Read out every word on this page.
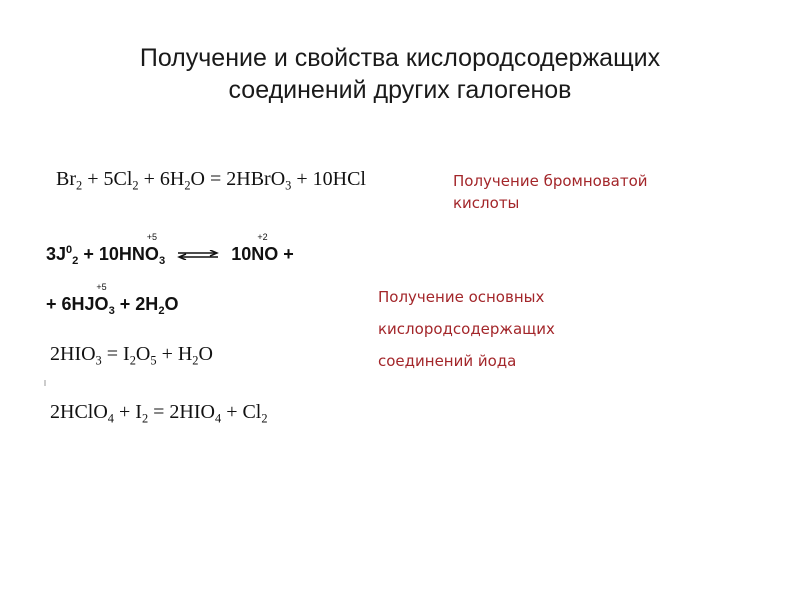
Получение и свойства кислородсодержащих
соединений других галогенов
$Br_2 + 5Cl_2 + 6H_2O$ = 2HBrO$_3$ + 10HCl	Получение бромноватой
кислоты
$3J^0_2 + 10HN$
+5
$O_3$ ⇌
+2
10NO +
+ 6HJ
+5
$O_3 + 2H_2O$	Получение основных
кислородсодержащих
соединений йода
$2HIO_3 = I_2O_5 + H_2O$
2HClO$_4$ + $I_2 = 2HIO_4 + Cl_2$
